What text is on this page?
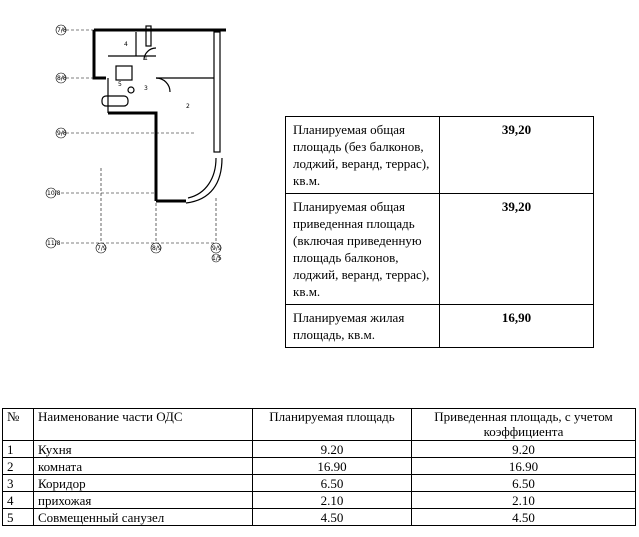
7/8
8/8
9/8
10/8
11/8
7/9	8/9	9/9
1/5
4
5
1
3
2
Планируемая общая площадь (без балконов, лоджий, веранд, террас), кв.м.	39,20
Планируемая общая приведенная площадь (включая приведенную площадь балконов, лоджий, веранд, террас), кв.м.	39,20
Планируемая жилая площадь, кв.м.	16,90
№	Наименование части ОДС	Планируемая площадь	Приведенная площадь, с учетом коэффициента
1	Кухня	9.20	9.20
2	комната	16.90	16.90
3	Коридор	6.50	6.50
4	прихожая	2.10	2.10
5	Совмещенный санузел	4.50	4.50
